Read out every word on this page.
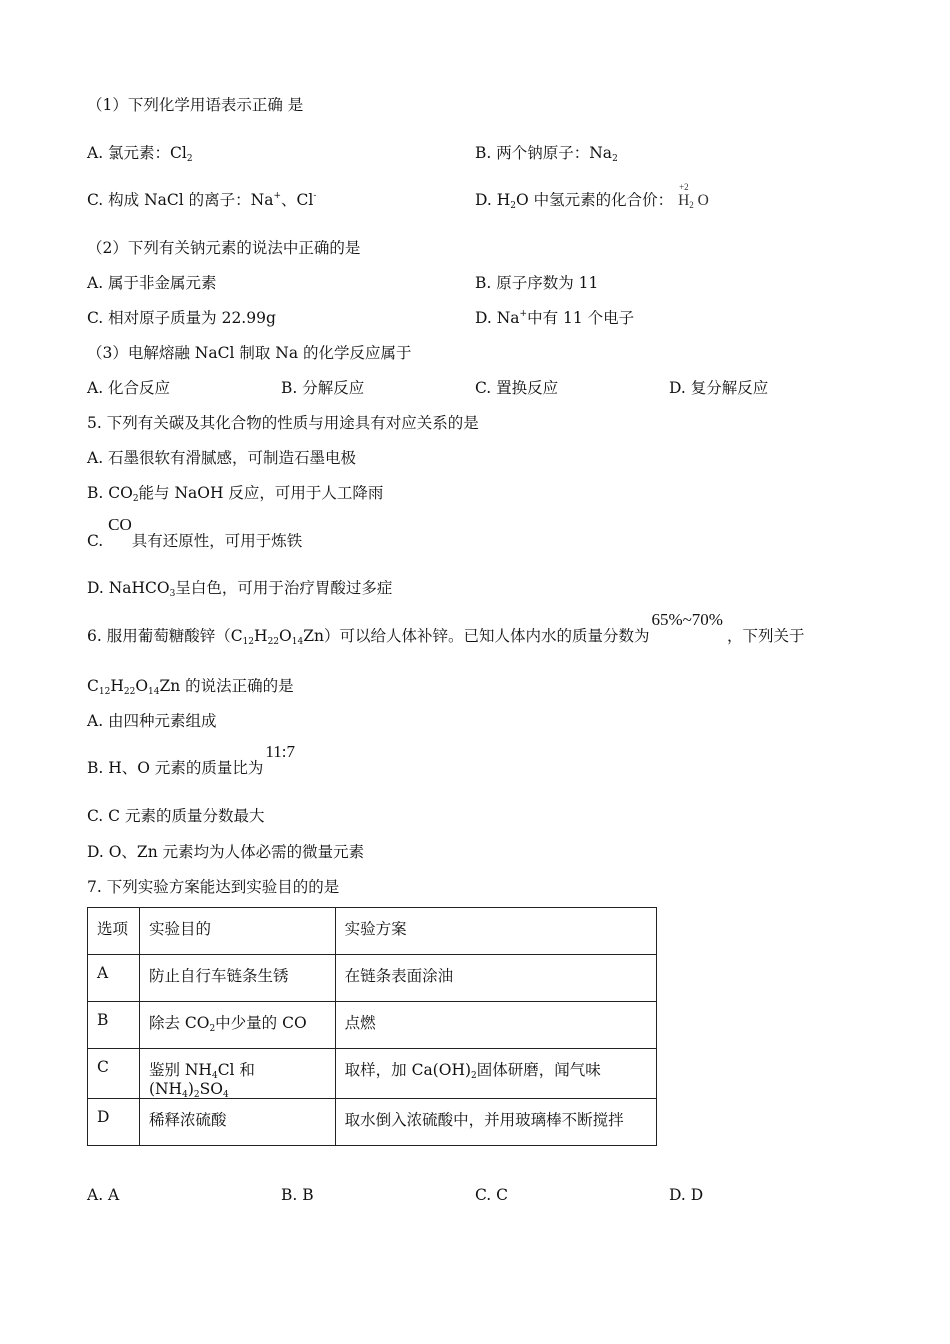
（1）下列化学用语表示正确 是
A. 氯元素：$Cl_2$	B. 两个钠原子：$Na_2$
C. 构成 NaCl 的离子：Na+、Cl-	D. $H_2O$ 中氢元素的化合价：
+2
$H_2$ O
（2）下列有关钠元素的说法中正确的是
A. 属于非金属元素	B. 原子序数为 11
C. 相对原子质量为 22.99g	D. Na+中有 11 个电子
（3）电解熔融 NaCl 制取 Na 的化学反应属于
A. 化合反应	B. 分解反应	C. 置换反应	D. 复分解反应
5. 下列有关碳及其化合物的性质与用途具有对应关系的是
A. 石墨很软有滑腻感，可制造石墨电极
B. $CO_2$能与 NaOH 反应，可用于人工降雨
C. CO具有还原性，可用于炼铁
D. NaHCO$_3$呈白色，可用于治疗胃酸过多症
6. 服用葡萄糖酸锌$(C_{12}H_{22}O_{14}Zn)$可以给人体补锌。已知人体内水的质量分数为65%~70%，下列关于
$C_{12}H_{22}O_{14}Zn$ 的说法正确的是
A. 由四种元素组成
B. H、O 元素的质量比为11:7
C. C 元素的质量分数最大
D. O、Zn 元素均为人体必需的微量元素
7. 下列实验方案能达到实验目的的是
选项	实验目的	实验方案
A	防止自行车链条生锈	在链条表面涂油
B	除去 $CO_2$中少量的 CO	点燃
C	鉴别 $NH_4Cl$ 和$(NH_4)_2SO_4$	取样，加 $Ca(OH)_2$固体研磨，闻气味
D	稀释浓硫酸	取水倒入浓硫酸中，并用玻璃棒不断搅拌
A. A	B. B	C. C	D. D
